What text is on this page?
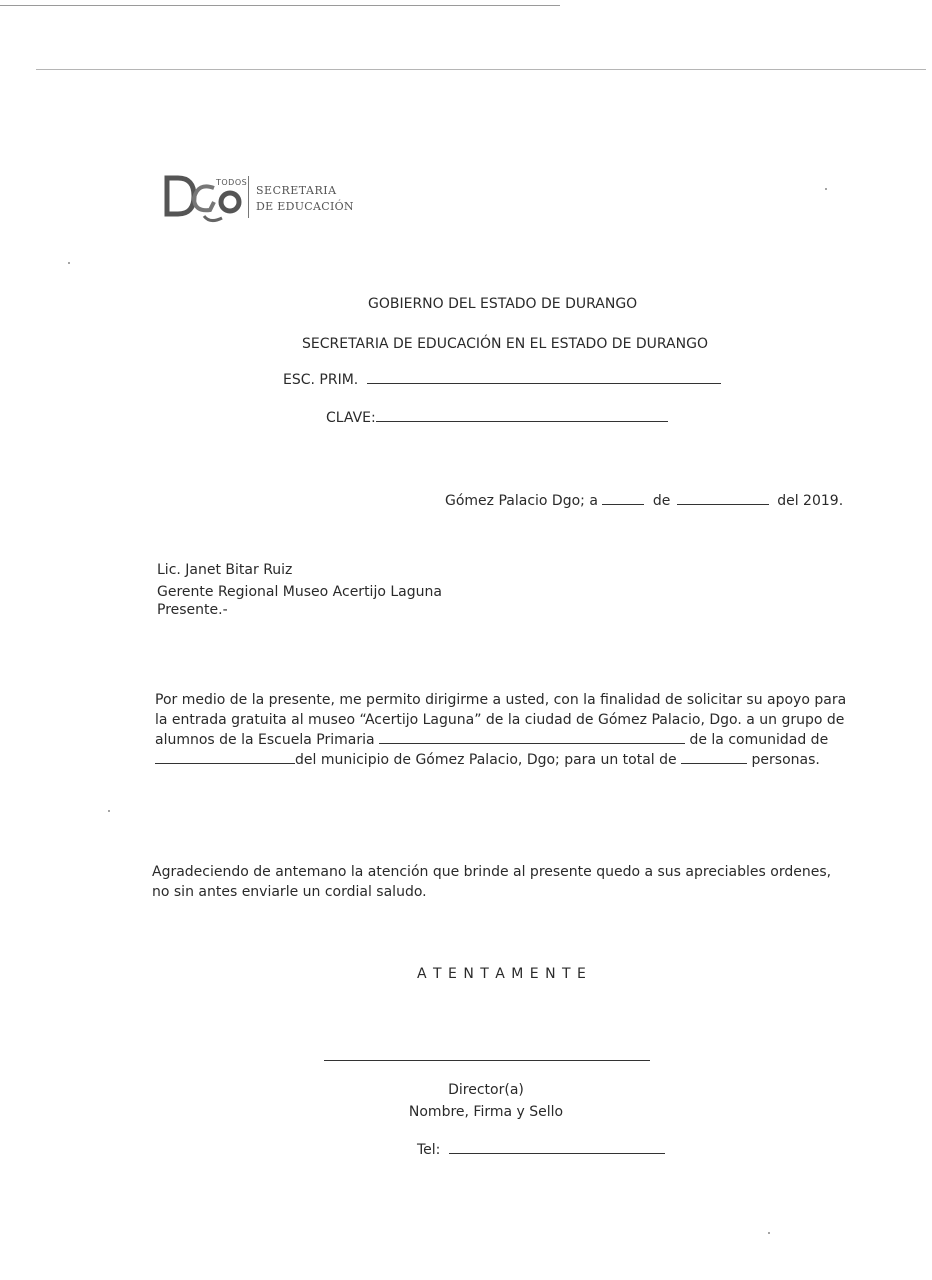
TODOS
SECRETARIA
DE EDUCACIÓN
GOBIERNO DEL ESTADO DE DURANGO
SECRETARIA DE EDUCACIÓN EN EL ESTADO DE DURANGO
ESC. PRIM.
CLAVE:
Gómez Palacio Dgo; a	de	del 2019.
Lic. Janet Bitar Ruiz
Gerente Regional Museo Acertijo Laguna
Presente.-
Por medio de la presente, me permito dirigirme a usted, con la finalidad de solicitar su apoyo para
la entrada gratuita al museo “Acertijo Laguna” de la ciudad de Gómez Palacio, Dgo. a un grupo de
alumnos de la Escuela Primaria	de la comunidad de
del municipio de Gómez Palacio, Dgo; para un total de	personas.
Agradeciendo de antemano la atención que brinde al presente quedo a sus apreciables ordenes,
no sin antes enviarle un cordial saludo.
A T E N T A M E N T E
Director(a)
Nombre, Firma y Sello
Tel:
